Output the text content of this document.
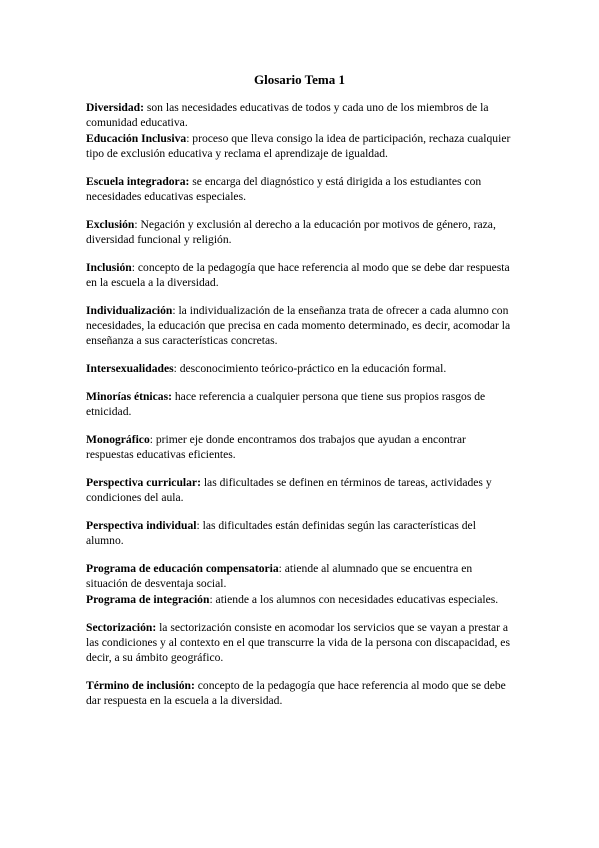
Glosario Tema 1

Diversidad: son las necesidades educativas de todos y cada uno de los miembros de la comunidad educativa.

Educación Inclusiva: proceso que lleva consigo la idea de participación, rechaza cualquier tipo de exclusión educativa y reclama el aprendizaje de igualdad.

Escuela integradora: se encarga del diagnóstico y está dirigida a los estudiantes con necesidades educativas especiales.

Exclusión: Negación y exclusión al derecho a la educación por motivos de género, raza, diversidad funcional y religión.

Inclusión: concepto de la pedagogía que hace referencia al modo que se debe dar respuesta en la escuela a la diversidad.

Individualización: la individualización de la enseñanza trata de ofrecer a cada alumno con necesidades, la educación que precisa en cada momento determinado, es decir, acomodar la enseñanza a sus características concretas.

Intersexualidades: desconocimiento teórico-práctico en la educación formal.

Minorías étnicas: hace referencia a cualquier persona que tiene sus propios rasgos de etnicidad.

Monográfico: primer eje donde encontramos dos trabajos que ayudan a encontrar respuestas educativas eficientes.

Perspectiva curricular: las dificultades se definen en términos de tareas, actividades y condiciones del aula.

Perspectiva individual: las dificultades están definidas según las características del alumno.

Programa de educación compensatoria: atiende al alumnado que se encuentra en situación de desventaja social.

Programa de integración: atiende a los alumnos con necesidades educativas especiales.

Sectorización: la sectorización consiste en acomodar los servicios que se vayan a prestar a las condiciones y al contexto en el que transcurre la vida de la persona con discapacidad, es decir, a su ámbito geográfico.

Término de inclusión: concepto de la pedagogía que hace referencia al modo que se debe dar respuesta en la escuela a la diversidad.
